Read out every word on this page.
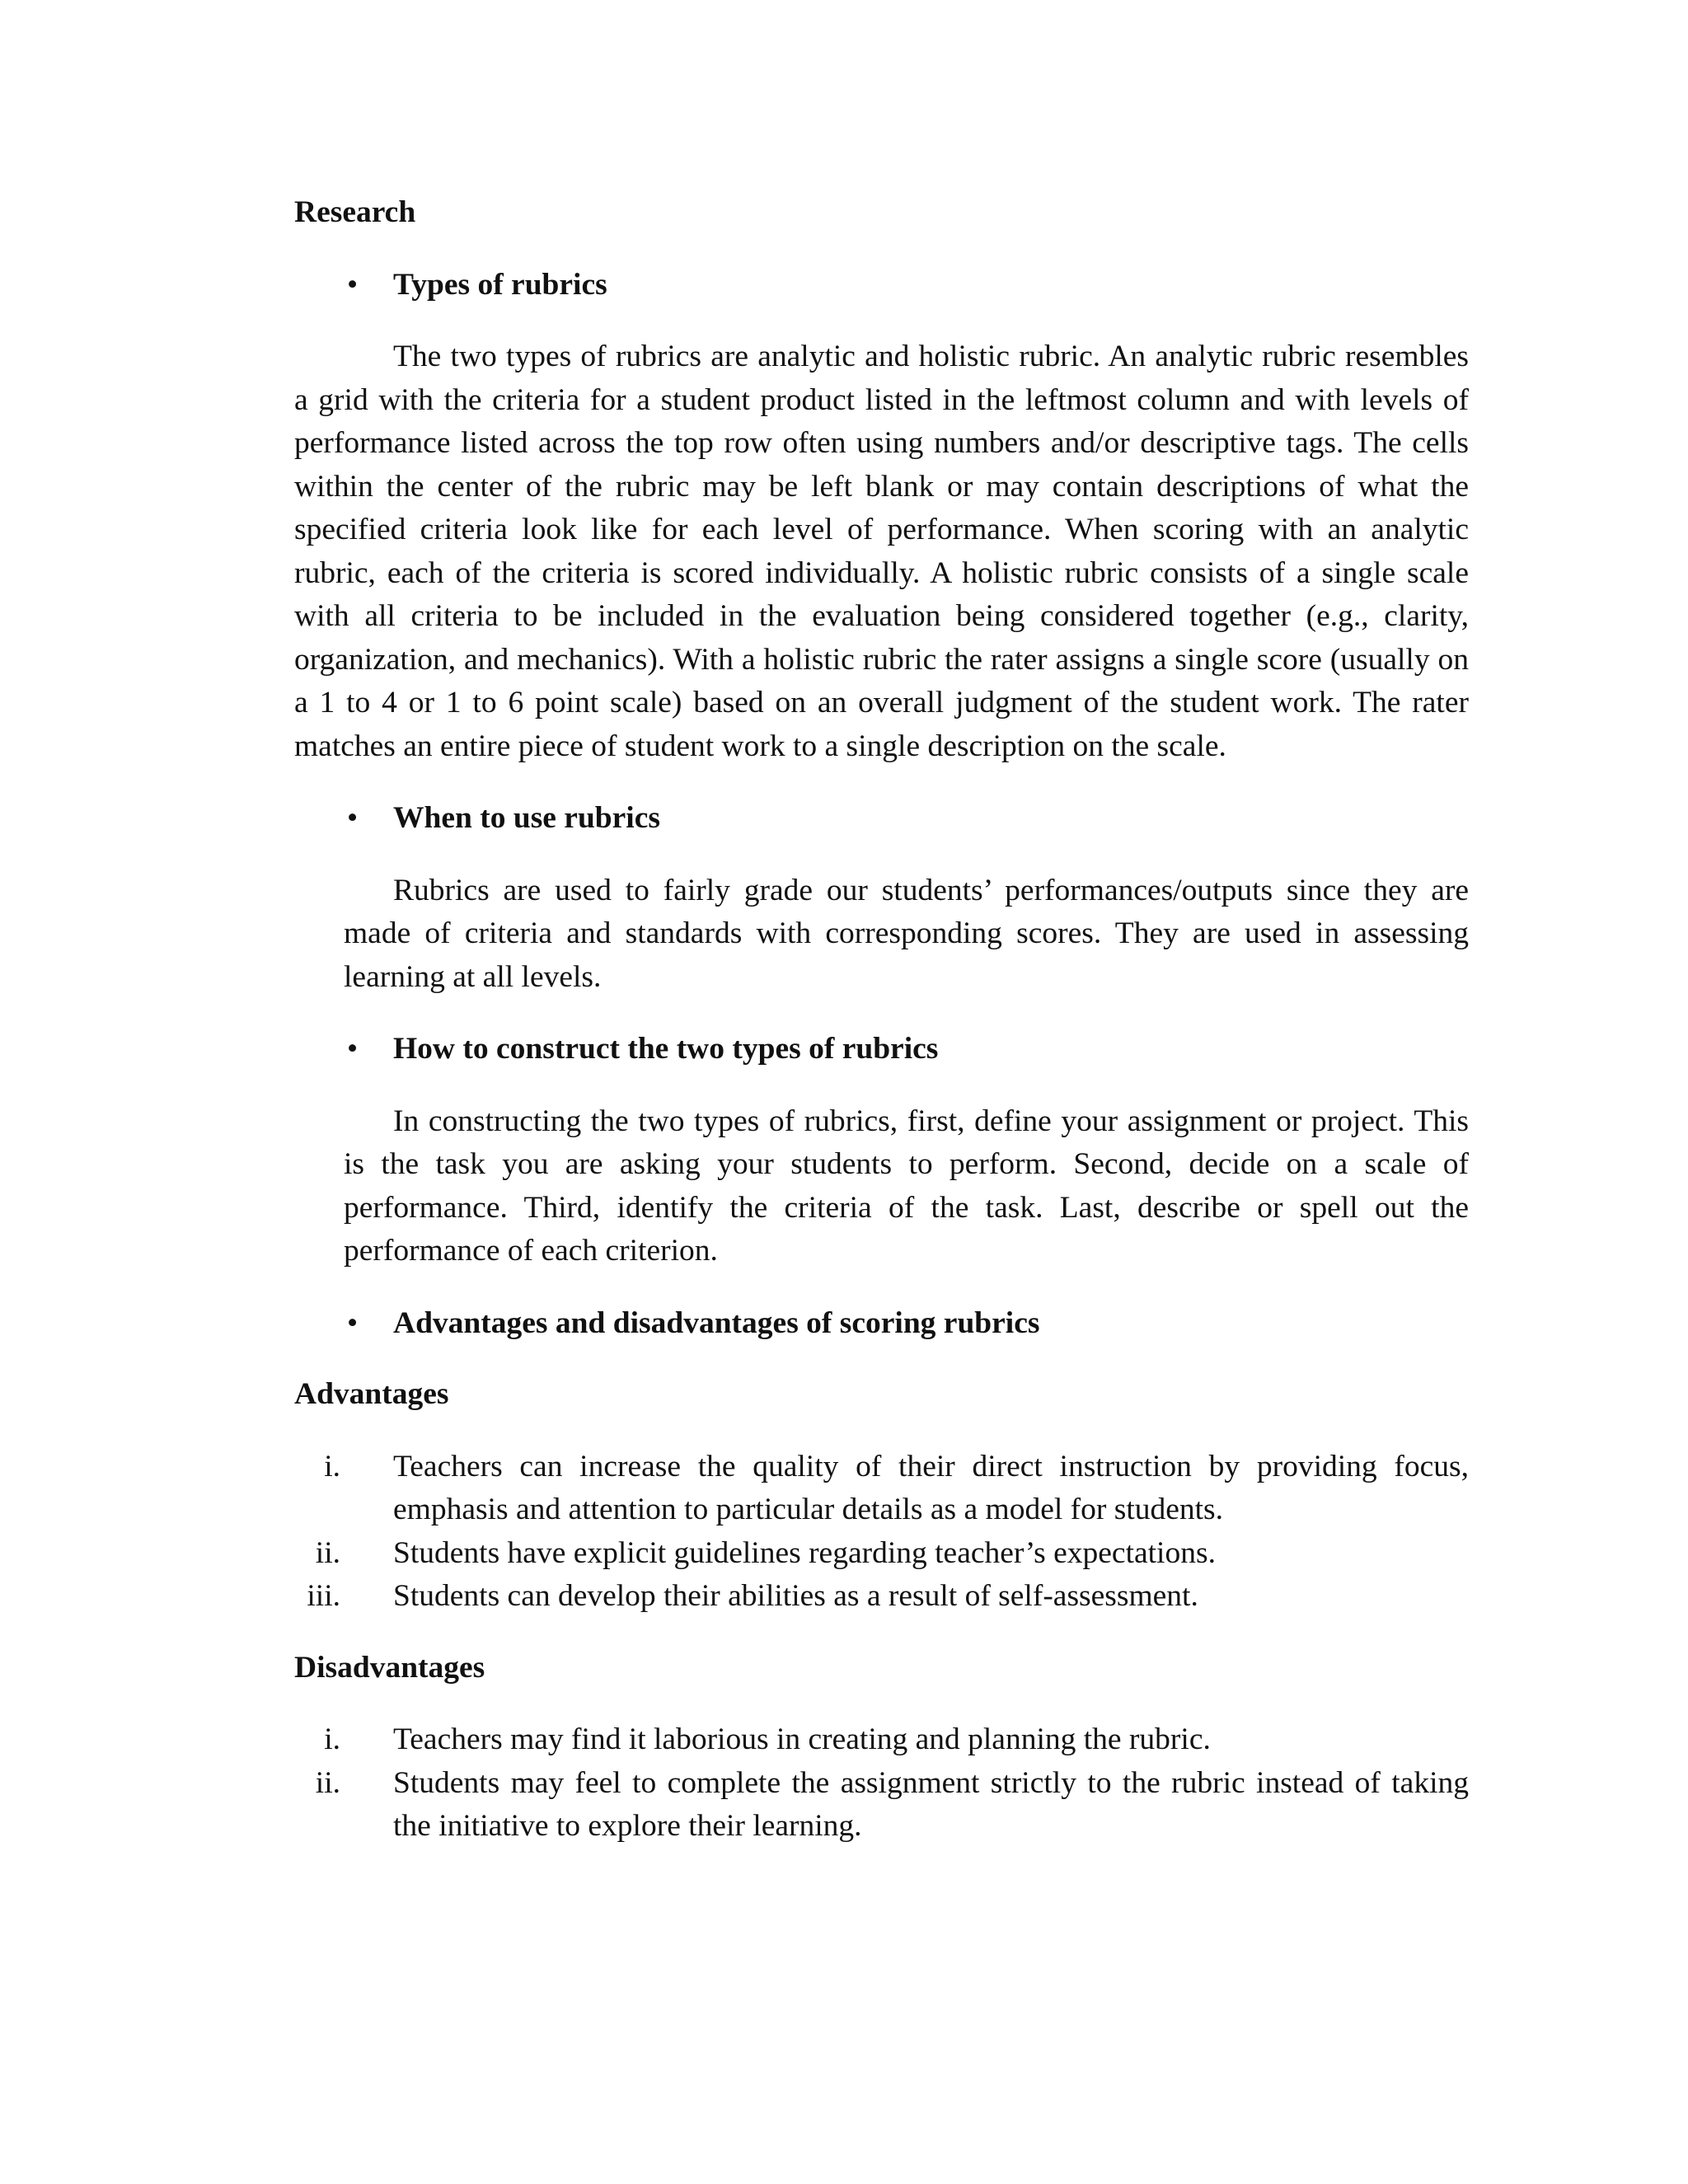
Research

• Types of rubrics

The two types of rubrics are analytic and holistic rubric. An analytic rubric resembles a grid with the criteria for a student product listed in the leftmost column and with levels of performance listed across the top row often using numbers and/or descriptive tags. The cells within the center of the rubric may be left blank or may contain descriptions of what the specified criteria look like for each level of performance. When scoring with an analytic rubric, each of the criteria is scored individually. A holistic rubric consists of a single scale with all criteria to be included in the evaluation being considered together (e.g., clarity, organization, and mechanics). With a holistic rubric the rater assigns a single score (usually on a 1 to 4 or 1 to 6 point scale) based on an overall judgment of the student work. The rater matches an entire piece of student work to a single description on the scale.

• When to use rubrics

Rubrics are used to fairly grade our students’ performances/outputs since they are made of criteria and standards with corresponding scores. They are used in assessing learning at all levels.

• How to construct the two types of rubrics

In constructing the two types of rubrics, first, define your assignment or project. This is the task you are asking your students to perform. Second, decide on a scale of performance. Third, identify the criteria of the task. Last, describe or spell out the performance of each criterion.

• Advantages and disadvantages of scoring rubrics

Advantages

i. Teachers can increase the quality of their direct instruction by providing focus, emphasis and attention to particular details as a model for students.
ii. Students have explicit guidelines regarding teacher’s expectations.
iii. Students can develop their abilities as a result of self-assessment.

Disadvantages

i. Teachers may find it laborious in creating and planning the rubric.
ii. Students may feel to complete the assignment strictly to the rubric instead of taking the initiative to explore their learning.
